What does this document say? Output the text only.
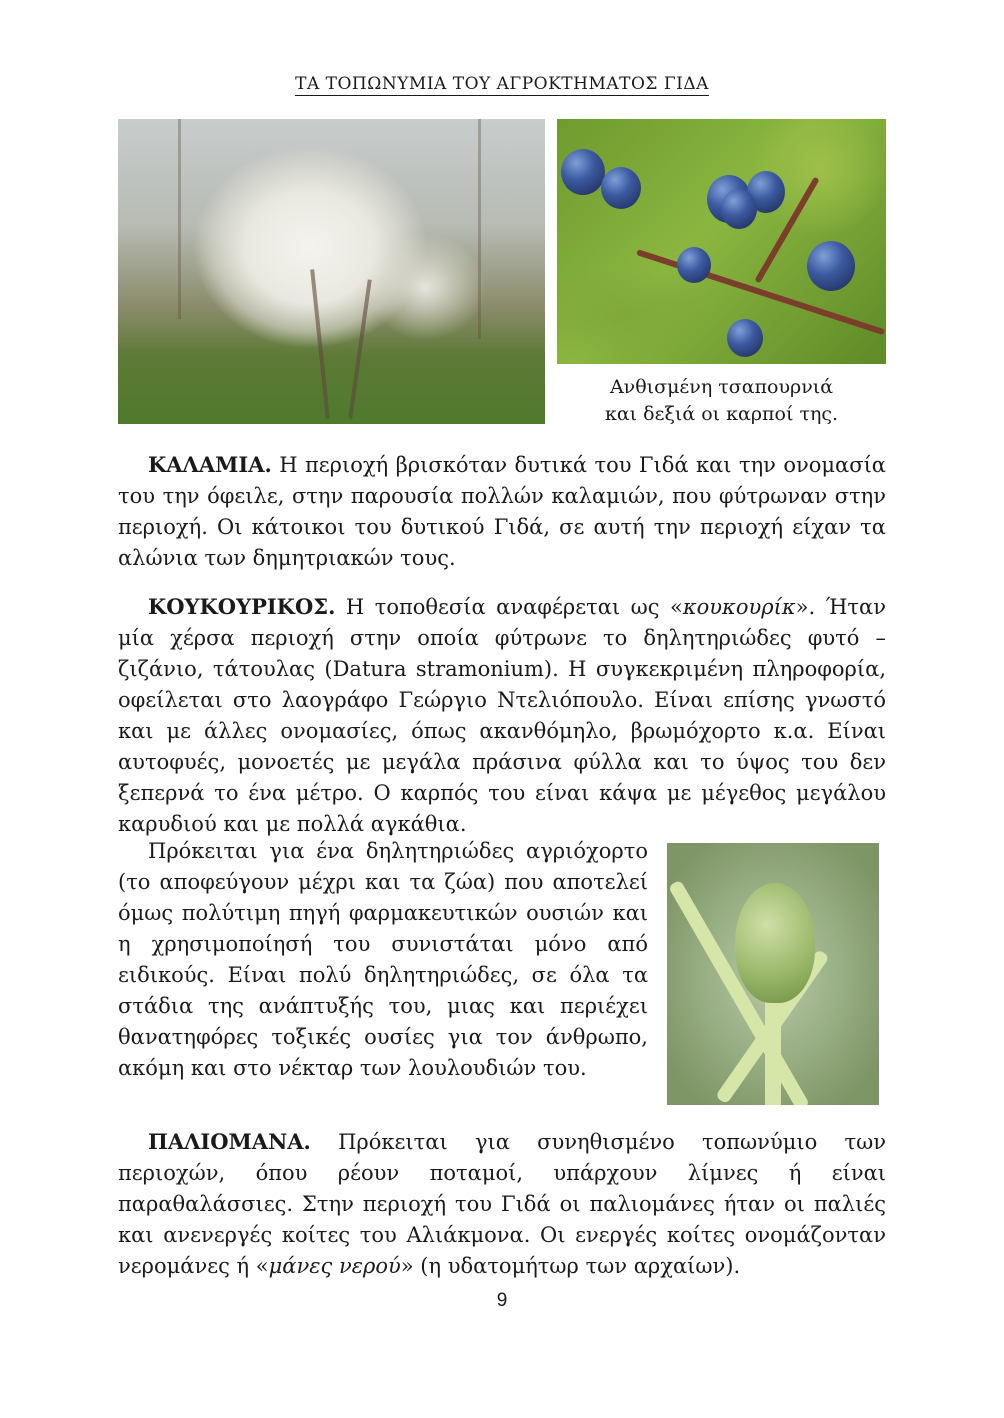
ΤΑ ΤΟΠΩΝΥΜΙΑ ΤΟΥ ΑΓΡΟΚΤΗΜΑΤΟΣ ΓΙΔΑ
Ανθισμένη τσαπουρνιά
και δεξιά οι καρποί της.

ΚΑΛΑΜΙΑ. Η περιοχή βρισκόταν δυτικά του Γιδά και την ονομασία του την όφειλε, στην παρουσία πολλών καλαμιών, που φύτρωναν στην περιοχή. Οι κάτοικοι του δυτικού Γιδά, σε αυτή την περιοχή είχαν τα αλώνια των δημητριακών τους.

ΚΟΥΚΟΥΡΙΚΟΣ. Η τοποθεσία αναφέρεται ως «κουκουρίκ». Ήταν μία χέρσα περιοχή στην οποία φύτρωνε το δηλητηριώδες φυτό – ζιζάνιο, τάτουλας (Datura stramonium). Η συγκεκριμένη πληροφορία, οφείλεται στο λαογράφο Γεώργιο Ντελιόπουλο. Είναι επίσης γνωστό και με άλλες ονομασίες, όπως ακανθόμηλο, βρωμόχορτο κ.α. Είναι αυτοφυές, μονοετές με μεγάλα πράσινα φύλλα και το ύψος του δεν ξεπερνά το ένα μέτρο. Ο καρπός του είναι κάψα με μέγεθος μεγάλου καρυδιού και με πολλά αγκάθια.

Πρόκειται για ένα δηλητηριώδες αγριόχορτο (το αποφεύγουν μέχρι και τα ζώα) που αποτελεί όμως πολύτιμη πηγή φαρμακευτικών ουσιών και η χρησιμοποίησή του συνιστάται μόνο από ειδικούς. Είναι πολύ δηλητηριώδες, σε όλα τα στάδια της ανάπτυξής του, μιας και περιέχει θανατηφόρες τοξικές ουσίες για τον άνθρωπο, ακόμη και στο νέκταρ των λουλουδιών του.

ΠΑΛΙΟΜΑΝΑ. Πρόκειται για συνηθισμένο τοπωνύμιο των περιοχών, όπου ρέουν ποταμοί, υπάρχουν λίμνες ή είναι παραθαλάσσιες. Στην περιοχή του Γιδά οι παλιομάνες ήταν οι παλιές και ανενεργές κοίτες του Αλιάκμονα. Οι ενεργές κοίτες ονομάζονταν νερομάνες ή «μάνες νερού» (η υδατομήτωρ των αρχαίων).

9
